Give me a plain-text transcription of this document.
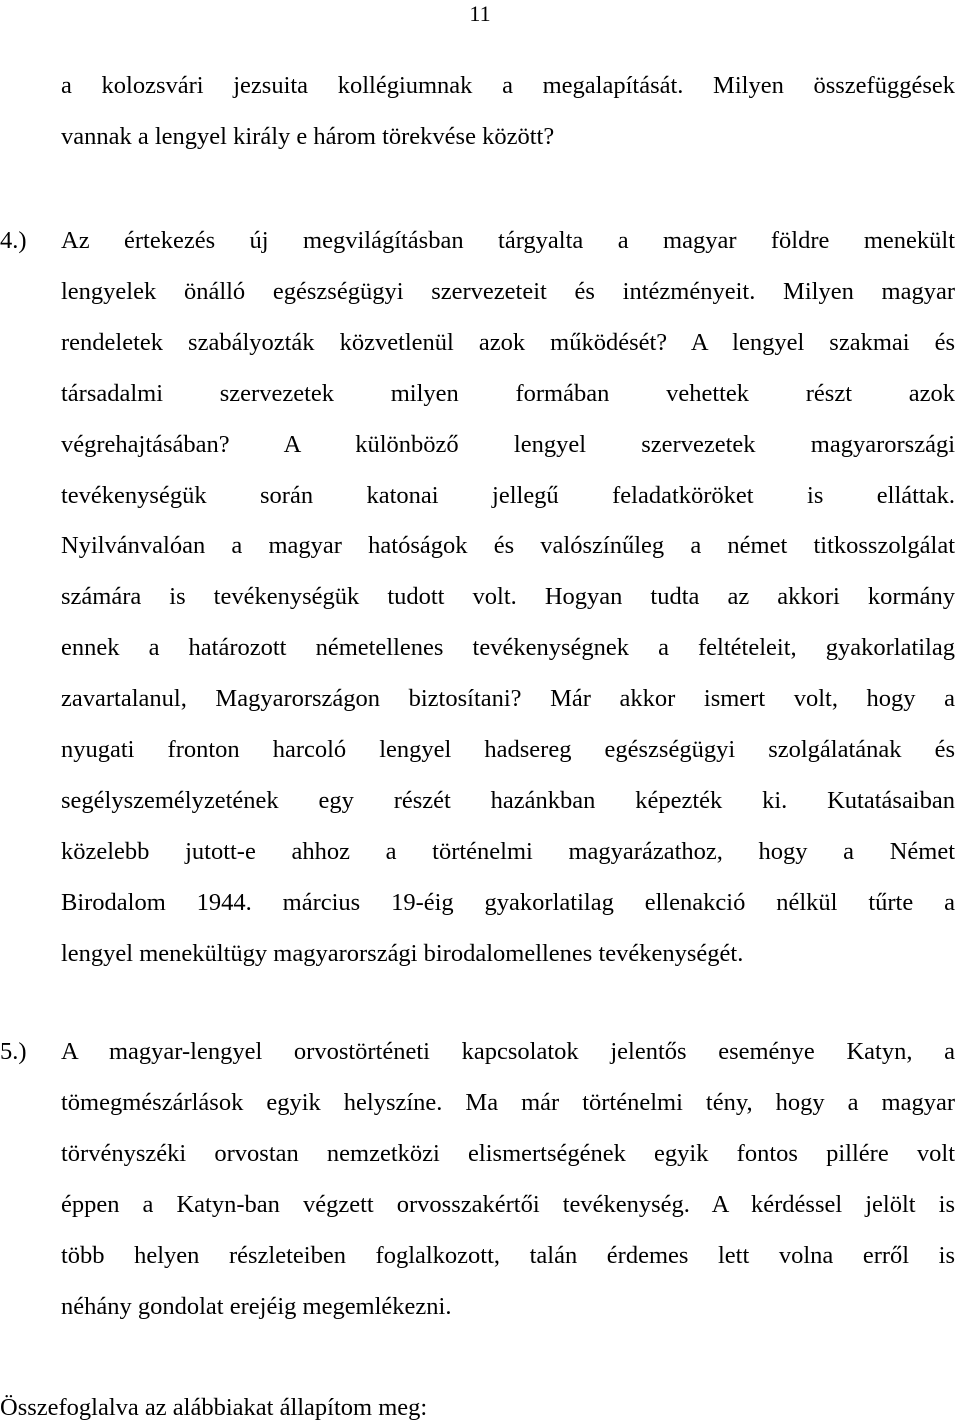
11
a kolozsvári jezsuita kollégiumnak a megalapítását. Milyen összefüggések
vannak a lengyel király e három törekvése között?
4.) Az értekezés új megvilágításban tárgyalta a magyar földre menekült
lengyelek önálló egészségügyi szervezeteit és intézményeit. Milyen magyar
rendeletek szabályozták közvetlenül azok működését? A lengyel szakmai és
társadalmi szervezetek milyen formában vehettek részt azok
végrehajtásában? A különböző lengyel szervezetek magyarországi
tevékenységük során katonai jellegű feladatköröket is elláttak.
Nyilvánvalóan a magyar hatóságok és valószínűleg a német titkosszolgálat
számára is tevékenységük tudott volt. Hogyan tudta az akkori kormány
ennek a határozott németellenes tevékenységnek a feltételeit, gyakorlatilag
zavartalanul, Magyarországon biztosítani? Már akkor ismert volt, hogy a
nyugati fronton harcoló lengyel hadsereg egészségügyi szolgálatának és
segélyszemélyzetének egy részét hazánkban képezték ki. Kutatásaiban
közelebb jutott-e ahhoz a történelmi magyarázathoz, hogy a Német
Birodalom 1944. március 19-éig gyakorlatilag ellenakció nélkül tűrte a
lengyel menekültügy magyarországi birodalomellenes tevékenységét.
5.) A magyar-lengyel orvostörténeti kapcsolatok jelentős eseménye Katyn, a
tömegmészárlások egyik helyszíne. Ma már történelmi tény, hogy a magyar
törvényszéki orvostan nemzetközi elismertségének egyik fontos pillére volt
éppen a Katyn-ban végzett orvosszakértői tevékenység. A kérdéssel jelölt is
több helyen részleteiben foglalkozott, talán érdemes lett volna erről is
néhány gondolat erejéig megemlékezni.

Összefoglalva az alábbiakat állapítom meg:
